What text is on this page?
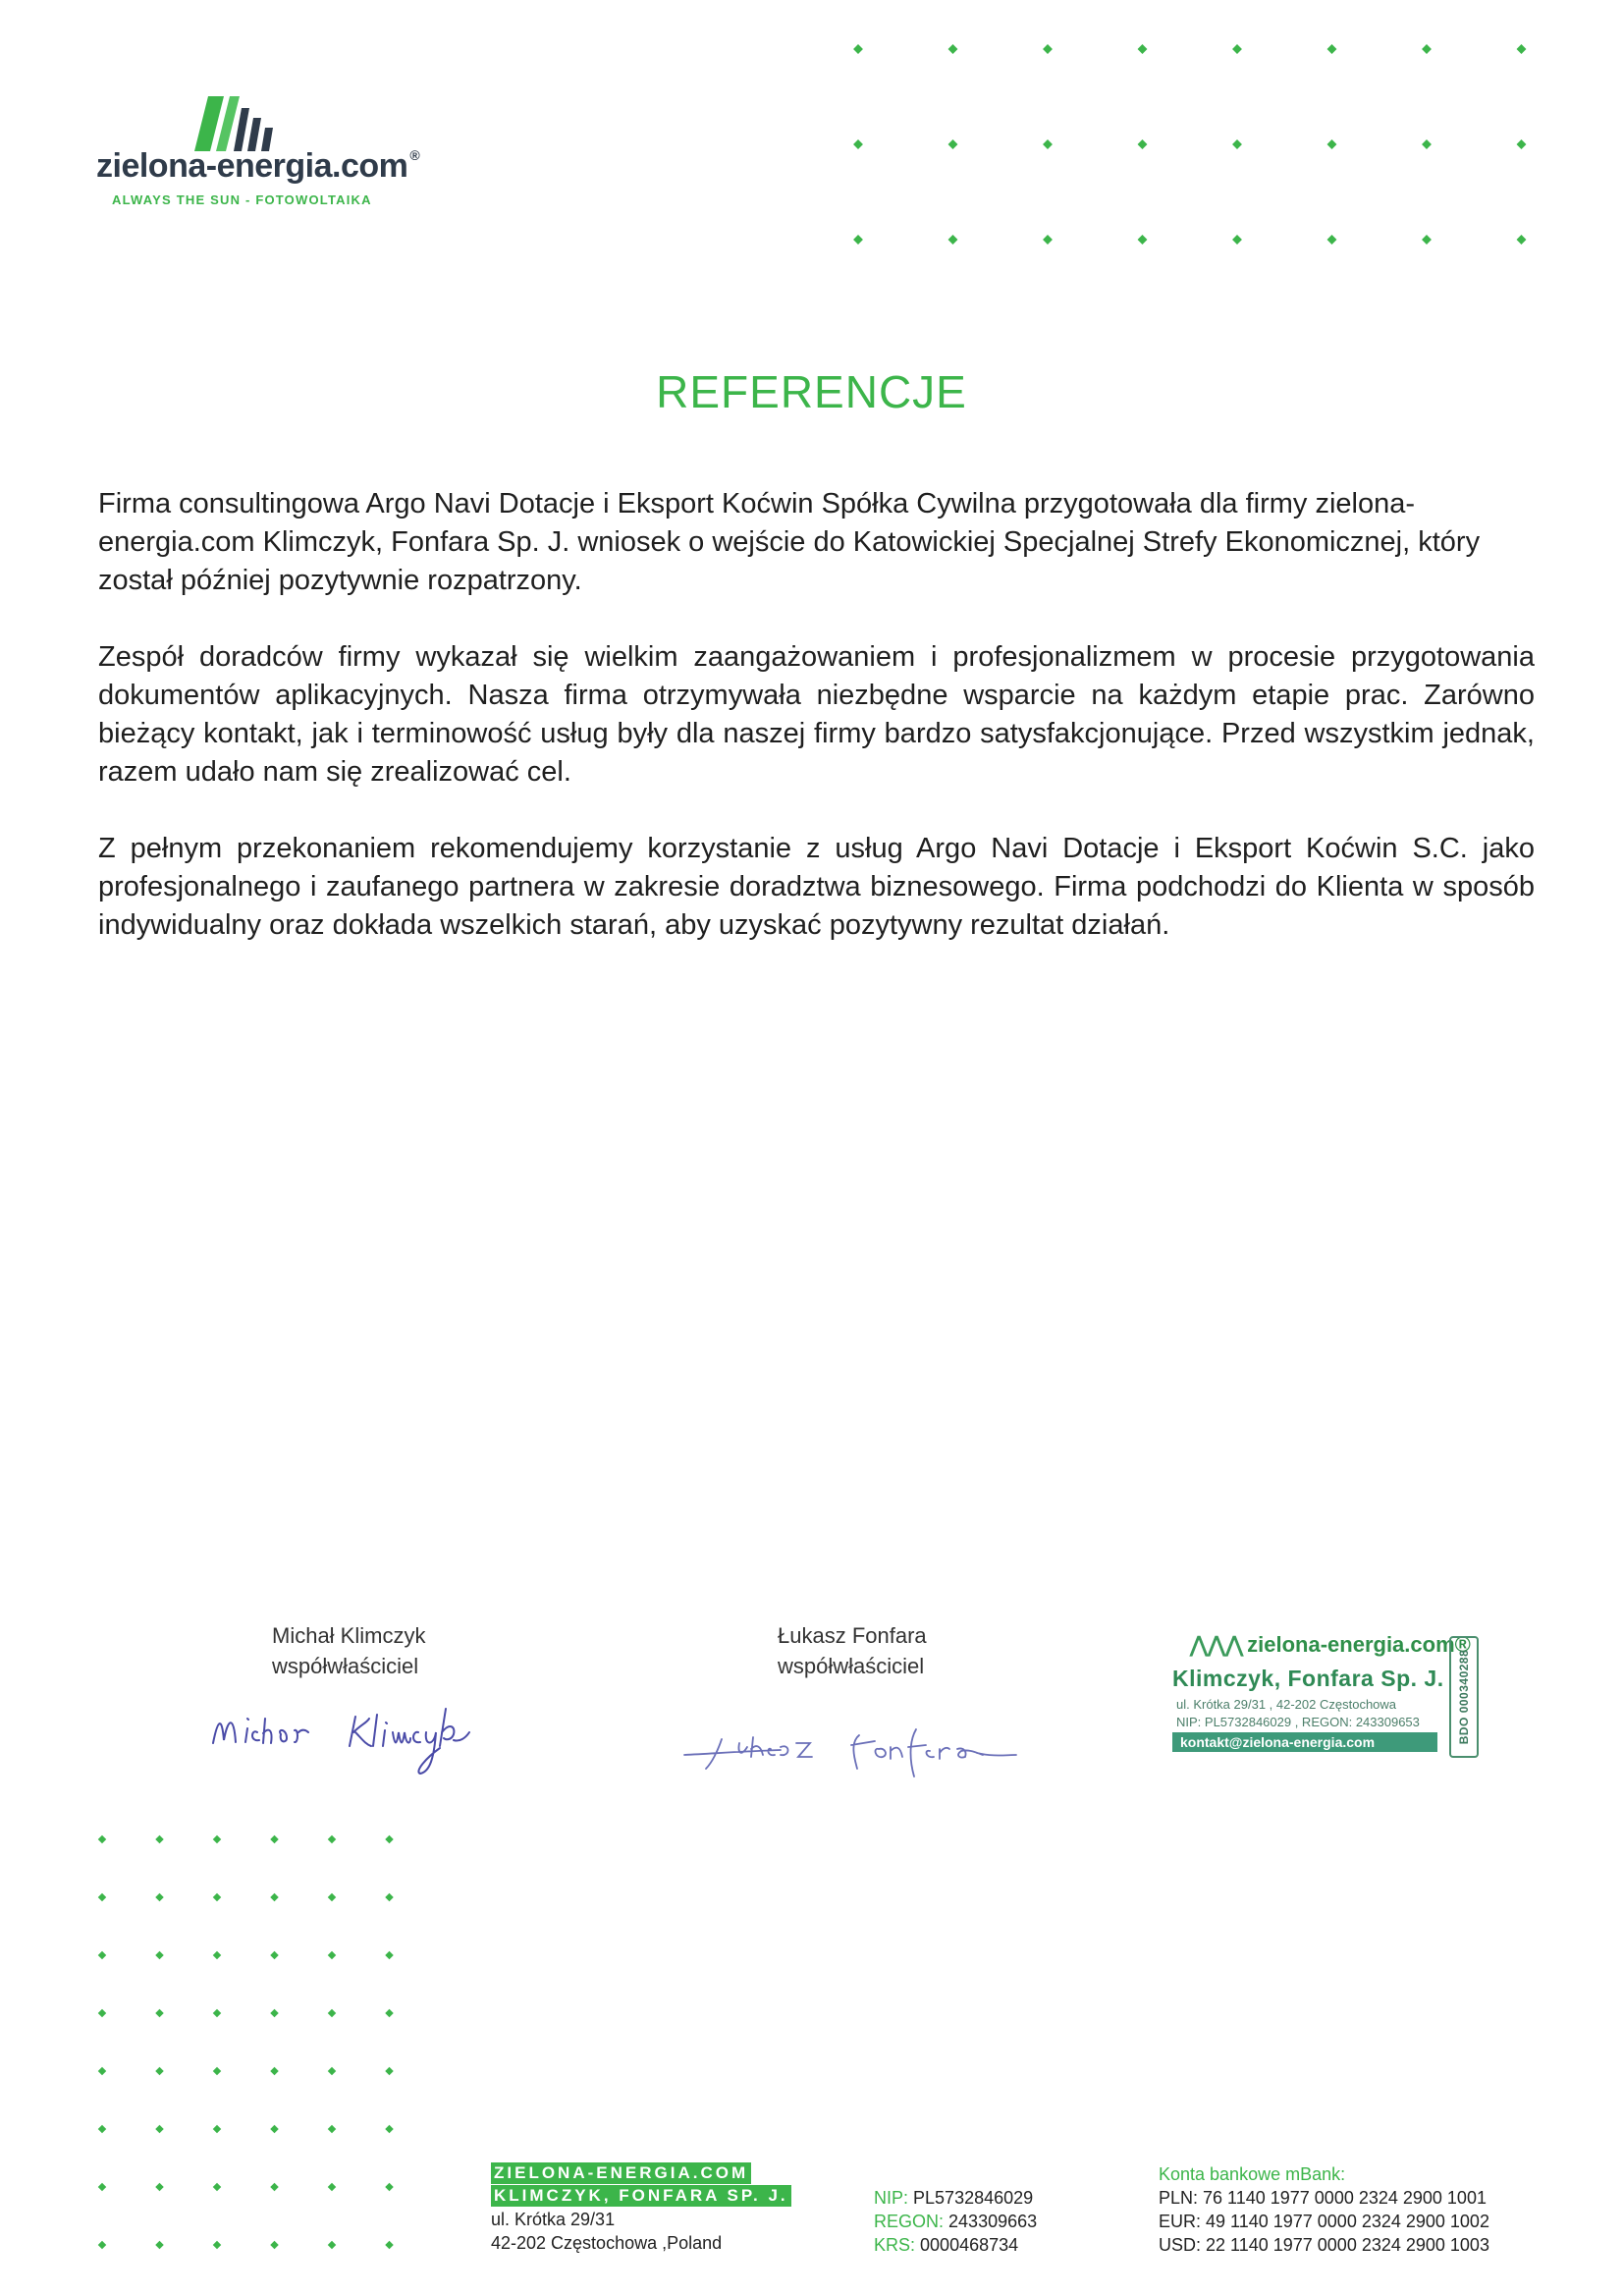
zielona-energia.com ®
ALWAYS THE SUN - FOTOWOLTAIKA
REFERENCJE

Firma consultingowa Argo Navi Dotacje i Eksport Koćwin Spółka Cywilna przygotowała dla firmy zielona-energia.com Klimczyk, Fonfara Sp. J. wniosek o wejście do Katowickiej Specjalnej Strefy Ekonomicznej, który został później pozytywnie rozpatrzony.

Zespół doradców firmy wykazał się wielkim zaangażowaniem i profesjonalizmem w procesie przygotowania dokumentów aplikacyjnych. Nasza firma otrzymywała niezbędne wsparcie na każdym etapie prac. Zarówno bieżący kontakt, jak i terminowość usług były dla naszej firmy bardzo satysfakcjonujące. Przed wszystkim jednak, razem udało nam się zrealizować cel.

Z pełnym przekonaniem rekomendujemy korzystanie z usług Argo Navi Dotacje i Eksport Koćwin S.C. jako profesjonalnego i zaufanego partnera w zakresie doradztwa biznesowego. Firma podchodzi do Klienta w sposób indywidualny oraz dokłada wszelkich starań, aby uzyskać pozytywny rezultat działań.

Michał Klimczyk
współwłaściciel
Łukasz Fonfara
współwłaściciel
⋀⋀⋀ zielona-energia.com®
Klimczyk, Fonfara Sp. J.
ul. Krótka 29/31 , 42-202 Częstochowa
NIP: PL5732846029 , REGON: 243309653
kontakt@zielona-energia.com	BDO 000340288
ZIELONA-ENERGIA.COM
KLIMCZYK, FONFARA SP. J.
ul. Krótka 29/31
42-202 Częstochowa ,Poland
NIP: PL5732846029
REGON: 243309663
KRS: 0000468734
Konta bankowe mBank:
PLN: 76 1140 1977 0000 2324 2900 1001
EUR: 49 1140 1977 0000 2324 2900 1002
USD: 22 1140 1977 0000 2324 2900 1003
